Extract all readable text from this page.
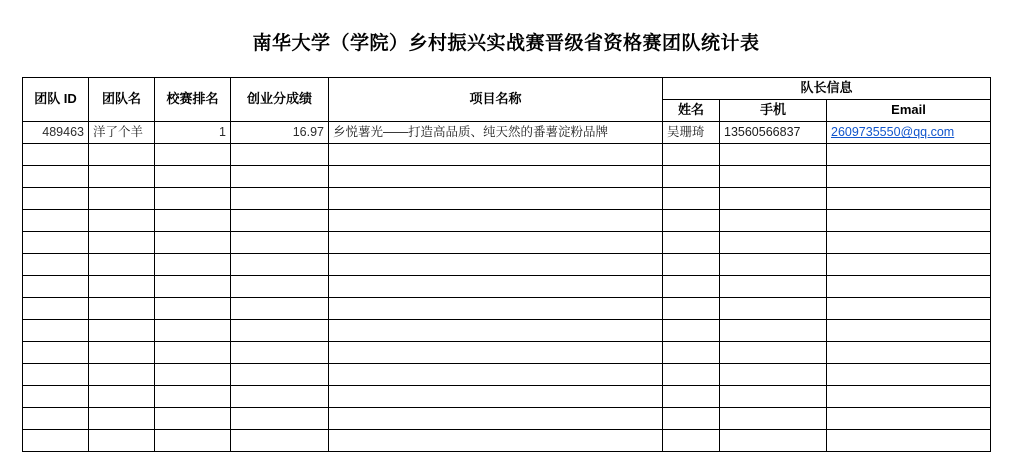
南华大学（学院）乡村振兴实战赛晋级省资格赛团队统计表
团队 ID	团队名	校赛排名	创业分成绩	项目名称	队长信息		
					姓名	手机	Email
489463	洋了个羊	1	16.97	乡悦薯光——打造高品质、纯天然的番薯淀粉品牌	吴珊琦	13560566837	2609735550@qq.com
